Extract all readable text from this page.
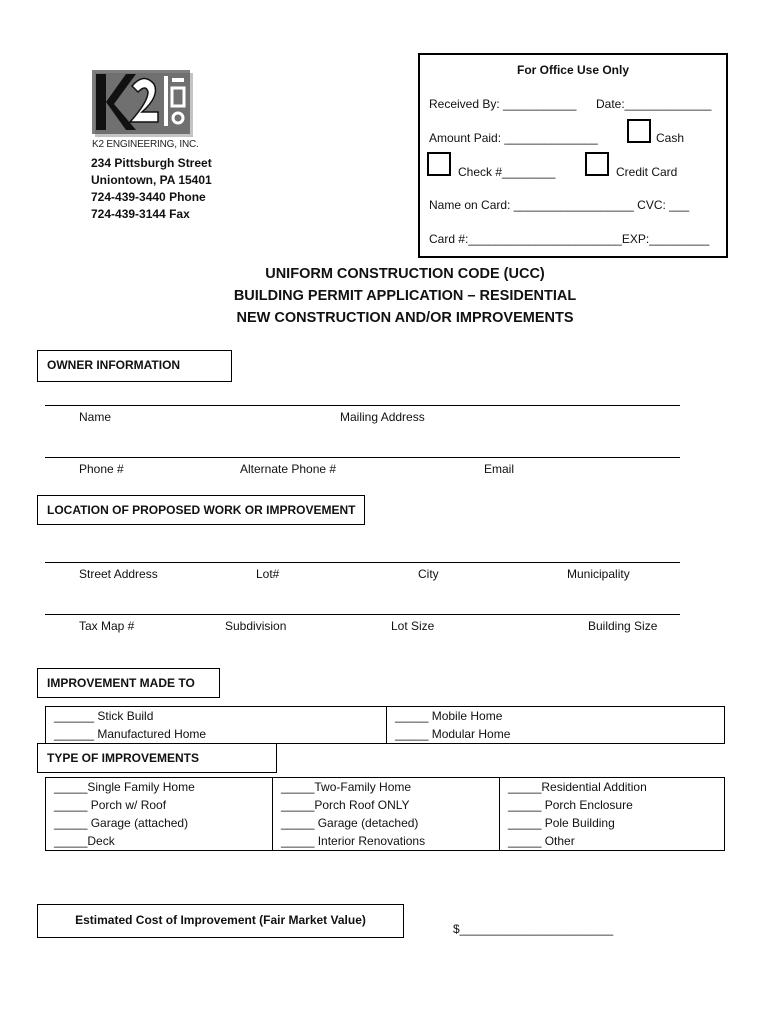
K2 ENGINEERING, INC.
234 Pittsburgh Street
Uniontown, PA 15401
724-439-3440 Phone
724-439-3144 Fax
For Office Use Only
Received By: ___________ Date:_____________
Amount Paid: ______________	Cash
Check #________	Credit Card
Name on Card: __________________ CVC: ___
Card #:_______________________EXP:_________
UNIFORM CONSTRUCTION CODE (UCC)
BUILDING PERMIT APPLICATION – RESIDENTIAL
NEW CONSTRUCTION AND/OR IMPROVEMENTS
OWNER INFORMATION
Name	Mailing Address
Phone #	Alternate Phone #	Email
LOCATION OF PROPOSED WORK OR IMPROVEMENT
Street Address	Lot#	City	Municipality
Tax Map #	Subdivision	Lot Size	Building Size
IMPROVEMENT MADE TO
______ Stick Build	_____ Mobile Home
______ Manufactured Home	_____ Modular Home
TYPE OF IMPROVEMENTS
_____Single Family Home	_____Two-Family Home	_____Residential Addition
_____ Porch w/ Roof	_____Porch Roof ONLY	_____ Porch Enclosure
_____ Garage (attached)	_____ Garage (detached)	_____ Pole Building
_____Deck	_____ Interior Renovations	_____ Other
Estimated Cost of Improvement (Fair Market Value)
$_______________________
